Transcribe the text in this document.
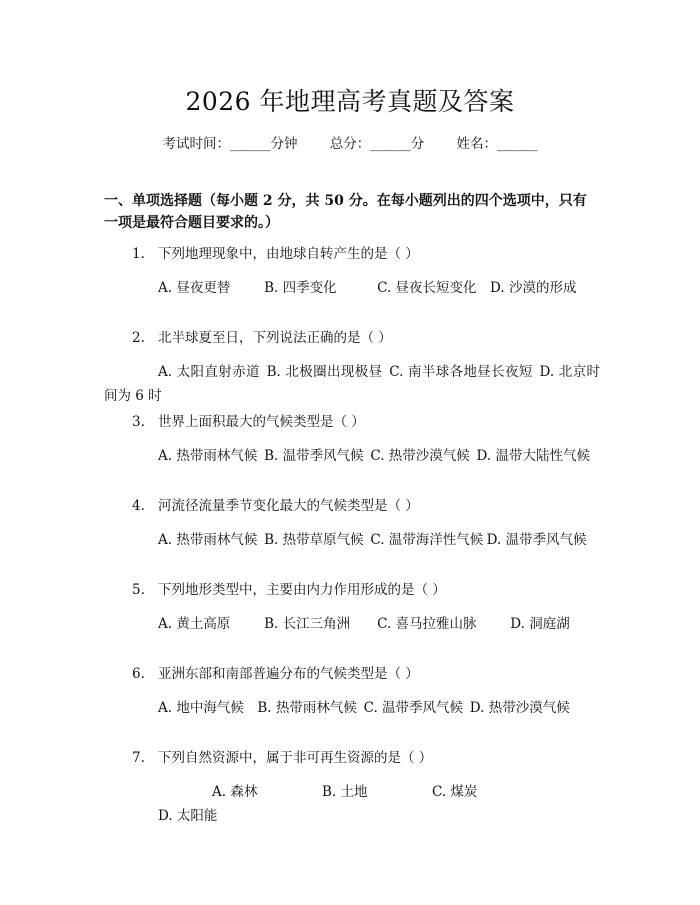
2026 年地理高考真题及答案
考试时间：______分钟 总分：______分 姓名：______
一、单项选择题（每小题 2 分，共 50 分。在每小题列出的四个选项中，只有一项是最符合题目要求的。）
1. 下列地理现象中，由地球自转产生的是（ ）
A. 昼夜更替   	B. 四季变化    	C. 昼夜长短变化  D. 沙漠的形成
2. 北半球夏至日，下列说法正确的是（ ）
A. 太阳直射赤道  B. 北极圈出现极昼  C. 南半球各地昼长夜短  D. 北京时间为 6 时
3. 世界上面积最大的气候类型是（ ）
A. 热带雨林气候  B. 温带季风气候  C. 热带沙漠气候  D. 温带大陆性气候
4. 河流径流量季节变化最大的气候类型是（ ）
A. 热带雨林气候  B. 热带草原气候  C. 温带海洋性气候  D. 温带季风气候
5. 下列地形类型中，主要由内力作用形成的是（ ）
A. 黄土高原   	B. 长江三角洲   C. 喜马拉雅山脉   	D. 洞庭湖
6. 亚洲东部和南部普遍分布的气候类型是（ ）
A. 地中海气候   B. 热带雨林气候  C. 温带季风气候  D. 热带沙漠气候
7. 下列自然资源中，属于非可再生资源的是（ ）
A. 森林	B. 土地	C. 煤炭D. 太阳能
